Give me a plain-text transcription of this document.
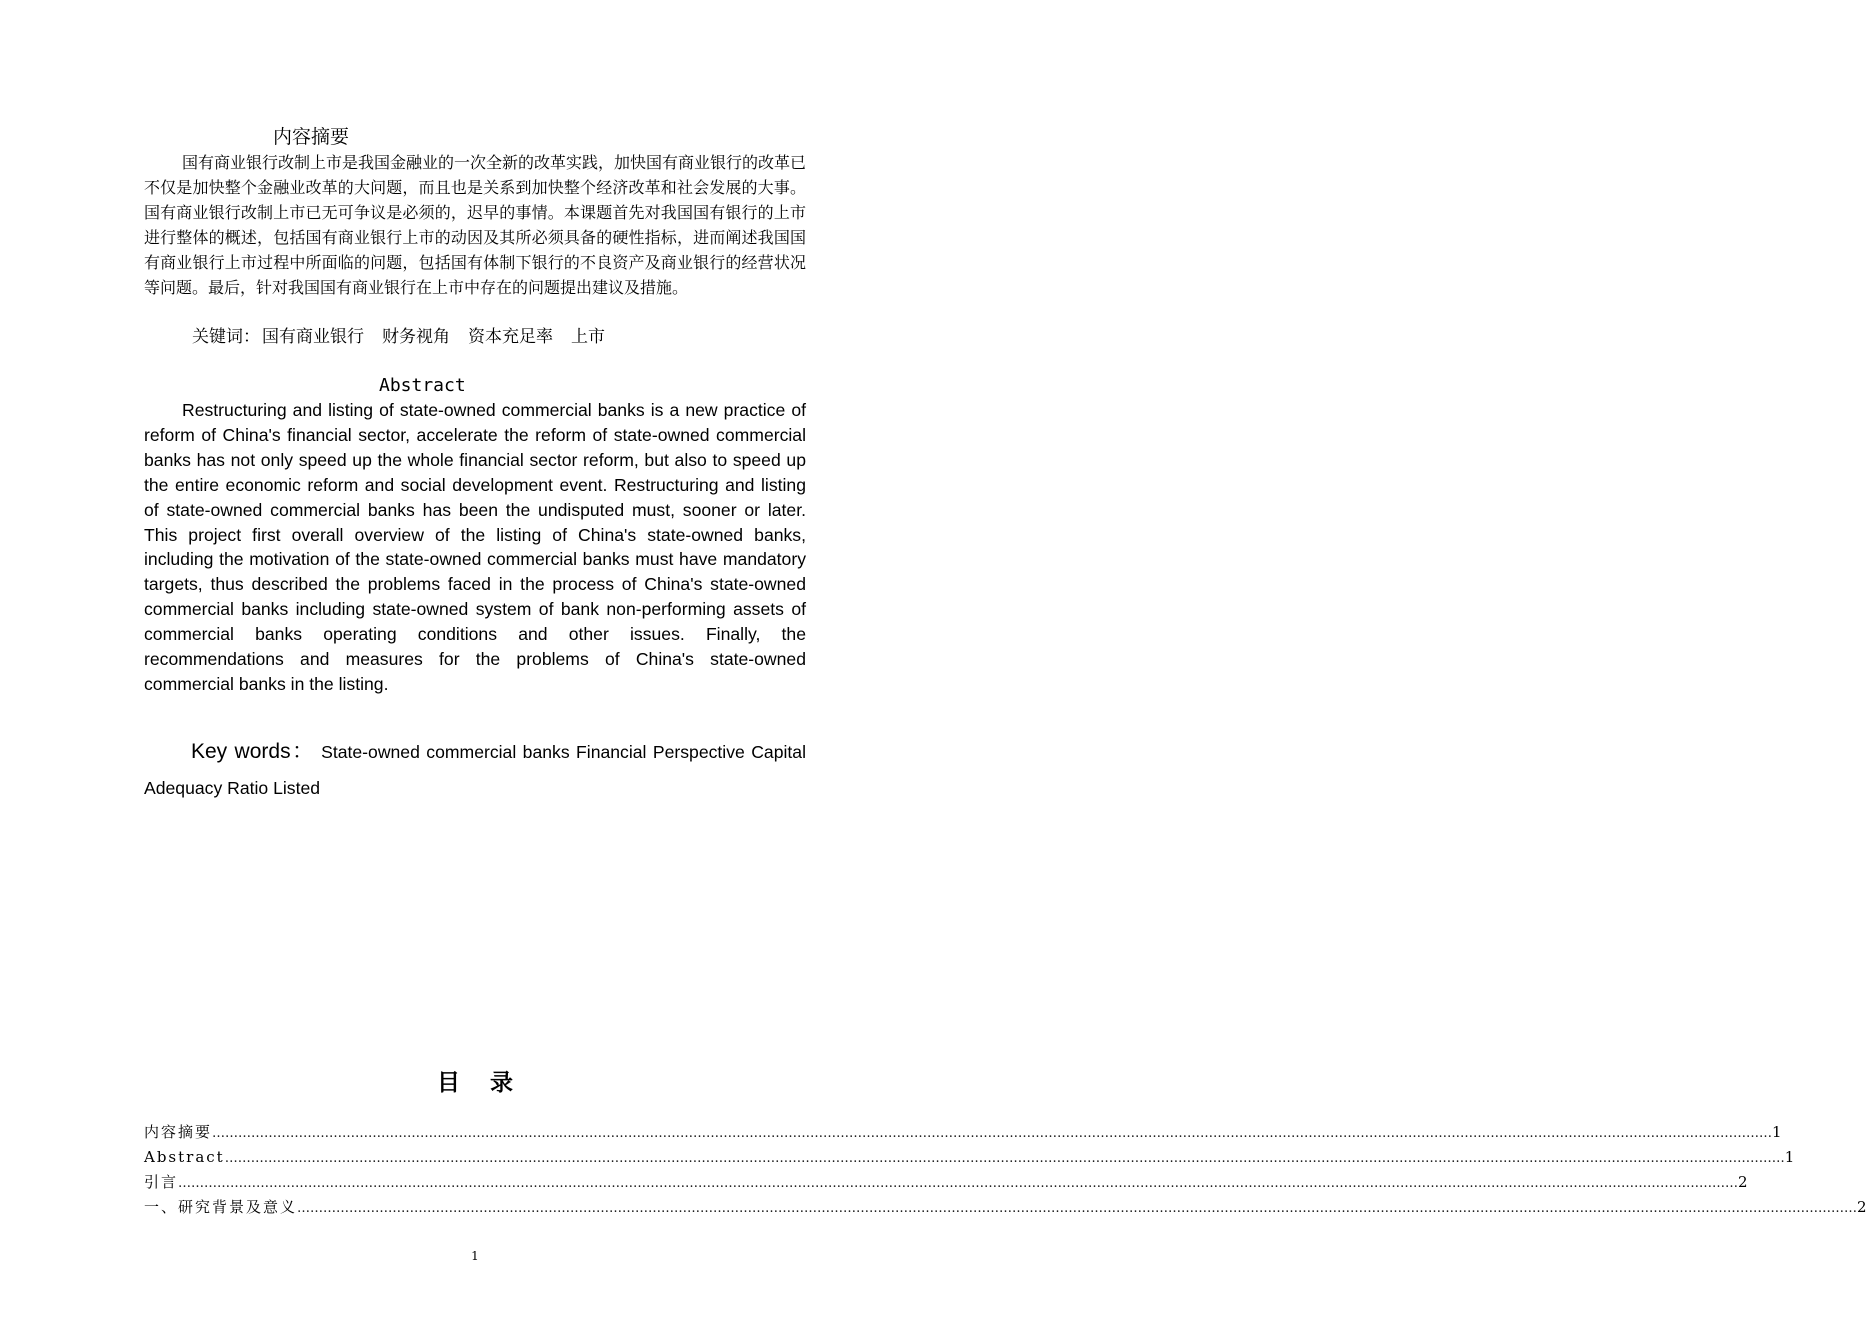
内容摘要

国有商业银行改制上市是我国金融业的一次全新的改革实践，加快国有商业银行的改革已不仅是加快整个金融业改革的大问题，而且也是关系到加快整个经济改革和社会发展的大事。国有商业银行改制上市已无可争议是必须的，迟早的事情。本课题首先对我国国有银行的上市进行整体的概述，包括国有商业银行上市的动因及其所必须具备的硬性指标，进而阐述我国国有商业银行上市过程中所面临的问题，包括国有体制下银行的不良资产及商业银行的经营状况等问题。最后，针对我国国有商业银行在上市中存在的问题提出建议及措施。

关键词： 国有商业银行 财务视角 资本充足率 上市
Abstract

Restructuring and listing of state-owned commercial banks is a new practice of reform of China's financial sector, accelerate the reform of state-owned commercial banks has not only speed up the whole financial sector reform, but also to speed up the entire economic reform and social development event. Restructuring and listing of state-owned commercial banks has been the undisputed must, sooner or later. This project first overall overview of the listing of China's state-owned banks, including the motivation of the state-owned commercial banks must have mandatory targets, thus described the problems faced in the process of China's state-owned commercial banks including state-owned system of bank non-performing assets of commercial banks operating conditions and other issues. Finally, the recommendations and measures for the problems of China's state-owned commercial banks in the listing.

Key words： State-owned commercial banks Financial Perspective Capital Adequacy Ratio Listed

目录
内容摘要 ……………………………………………………………………………………………………………………………………………………………………………………………………………………………………………………………………………………………………………………………… 1
Abstract ……………………………………………………………………………………………………………………………………………………………………………………………………………………………………………………………………………………………………………………………… 1
引言 ……………………………………………………………………………………………………………………………………………………………………………………………………………………………………………………………………………………………………………………………… 2
一、研究背景及意义 ……………………………………………………………………………………………………………………………………………………………………………………………………………………………………………………………………………………………………………………………… 2
1
